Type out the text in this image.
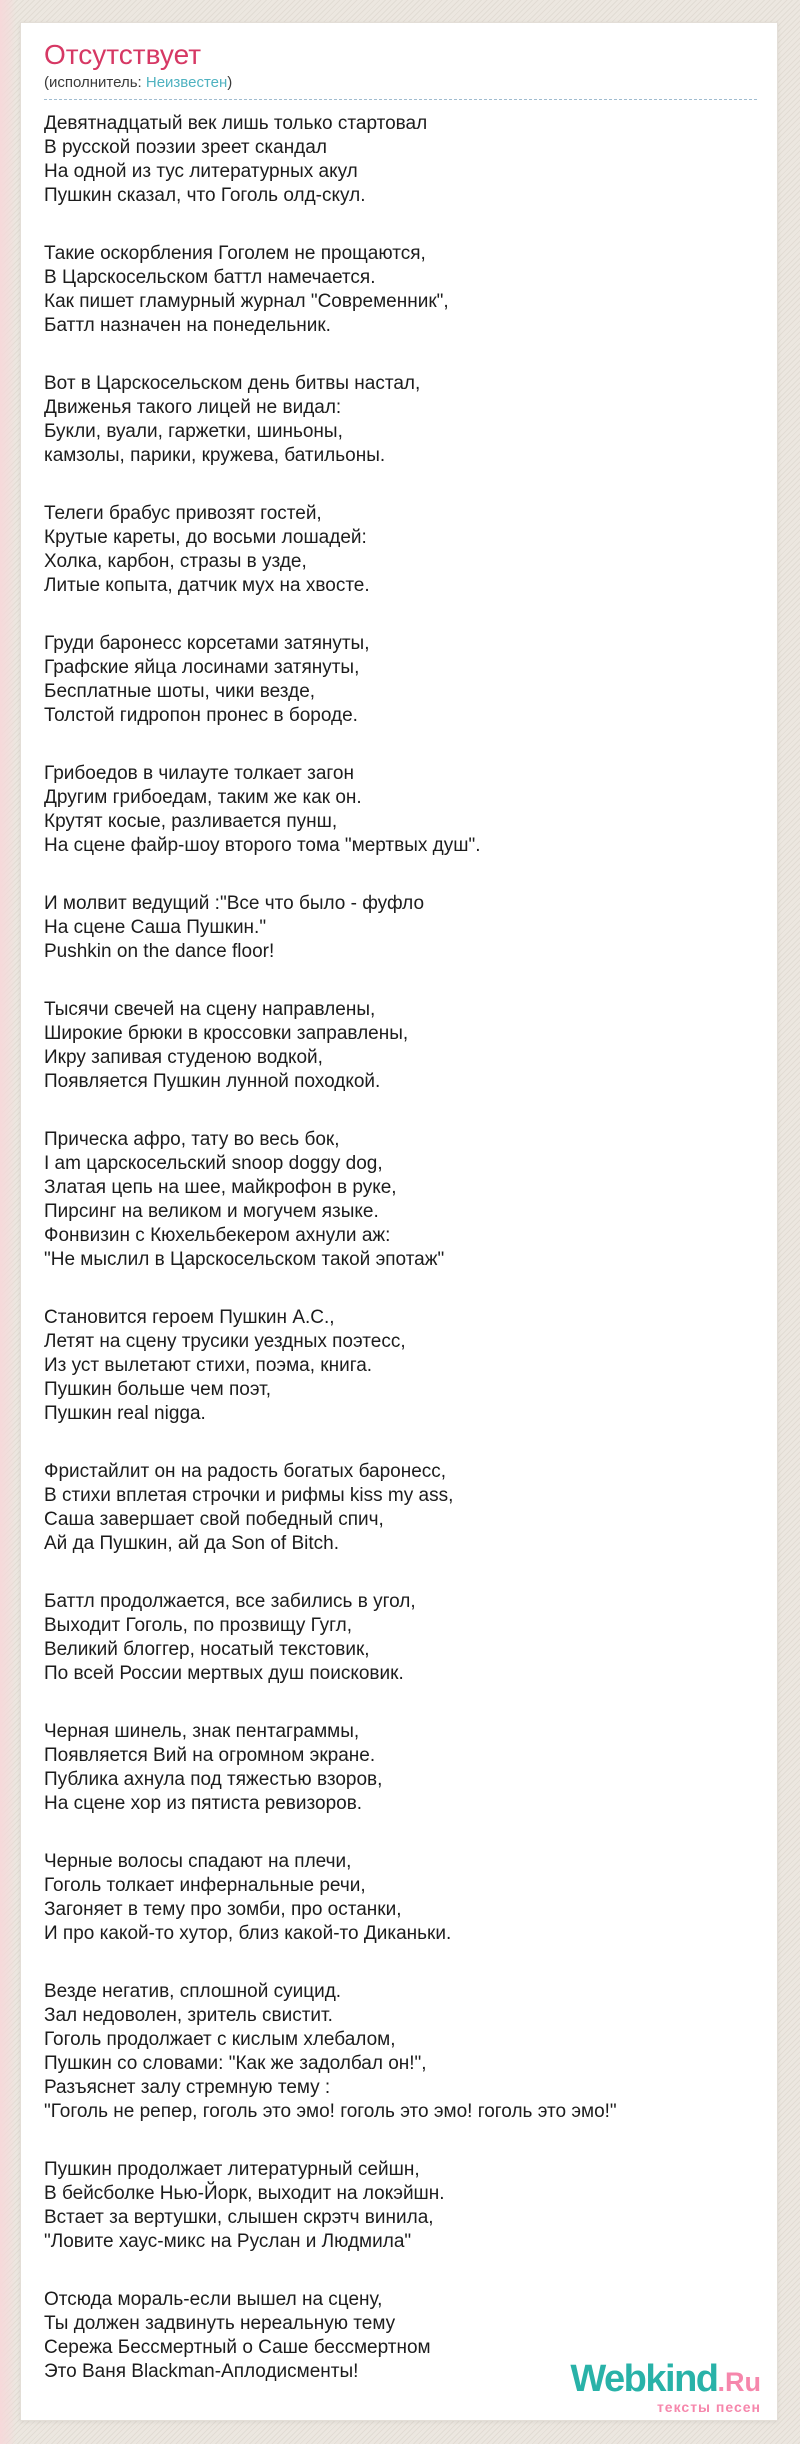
Отсутствует
(исполнитель: Неизвестен)

Девятнадцатый век лишь только стартовал
В русской поэзии зреет скандал
На одной из тус литературных акул
Пушкин сказал, что Гоголь олд-скул.

Такие оскорбления Гоголем не прощаются,
В Царскосельском баттл намечается.
Как пишет гламурный журнал "Современник",
Баттл назначен на понедельник.

Вот в Царскосельском день битвы настал,
Движенья такого лицей не видал:
Букли, вуали, гаржетки, шиньоны,
камзолы, парики, кружева, батильоны.

Телеги брабус привозят гостей,
Крутые кареты, до восьми лошадей:
Холка, карбон, стразы в узде,
Литые копыта, датчик мух на хвосте.

Груди баронесс корсетами затянуты,
Графские яйца лосинами затянуты,
Бесплатные шоты, чики везде,
Толстой гидропон пронес в бороде.

Грибоедов в чилауте толкает загон
Другим грибоедам, таким же как он.
Крутят косые, разливается пунш,
На сцене файр-шоу второго тома "мертвых душ".

И молвит ведущий :"Все что было - фуфло
На сцене Саша Пушкин."
Pushkin on the dance floor!

Тысячи свечей на сцену направлены,
Широкие брюки в кроссовки заправлены,
Икру запивая студеною водкой,
Появляется Пушкин лунной походкой.

Прическа афро, тату во весь бок,
I am царскосельский snoop doggy dog,
Златая цепь на шее, майкрофон в руке,
Пирсинг на великом и могучем языке.
Фонвизин с Кюхельбекером ахнули аж:
"Не мыслил в Царскосельском такой эпотаж"

Становится героем Пушкин А.С.,
Летят на сцену трусики уездных поэтесс,
Из уст вылетают стихи, поэма, книга.
Пушкин больше чем поэт,
Пушкин real nigga.

Фристайлит он на радость богатых баронесс,
В стихи вплетая строчки и рифмы kiss my ass,
Саша завершает свой победный спич,
Ай да Пушкин, ай да Son of Bitch.

Баттл продолжается, все забились в угол,
Выходит Гоголь, по прозвищу Гугл,
Великий блоггер, носатый текстовик,
По всей России мертвых душ поисковик.

Черная шинель, знак пентаграммы,
Появляется Вий на огромном экране.
Публика ахнула под тяжестью взоров,
На сцене хор из пятиста ревизоров.

Черные волосы спадают на плечи,
Гоголь толкает инфернальные речи,
Загоняет в тему про зомби, про останки,
И про какой-то хутор, близ какой-то Диканьки.

Везде негатив, сплошной суицид.
Зал недоволен, зритель свистит.
Гоголь продолжает с кислым хлебалом,
Пушкин со словами: "Как же задолбал он!",
Разъяснет залу стремную тему :
"Гоголь не репер, гоголь это эмо! гоголь это эмо! гоголь это эмо!"

Пушкин продолжает литературный сейшн,
В бейсболке Нью-Йорк, выходит на локэйшн.
Встает за вертушки, слышен скрэтч винила,
"Ловите хаус-микс на Руслан и Людмила"

Отсюда мораль-если вышел на сцену,
Ты должен задвинуть нереальную тему
Сережа Бессмертный о Саше бессмертном
Это Ваня Blackman-Аплодисменты!	Webkind.Ru
тексты песен
